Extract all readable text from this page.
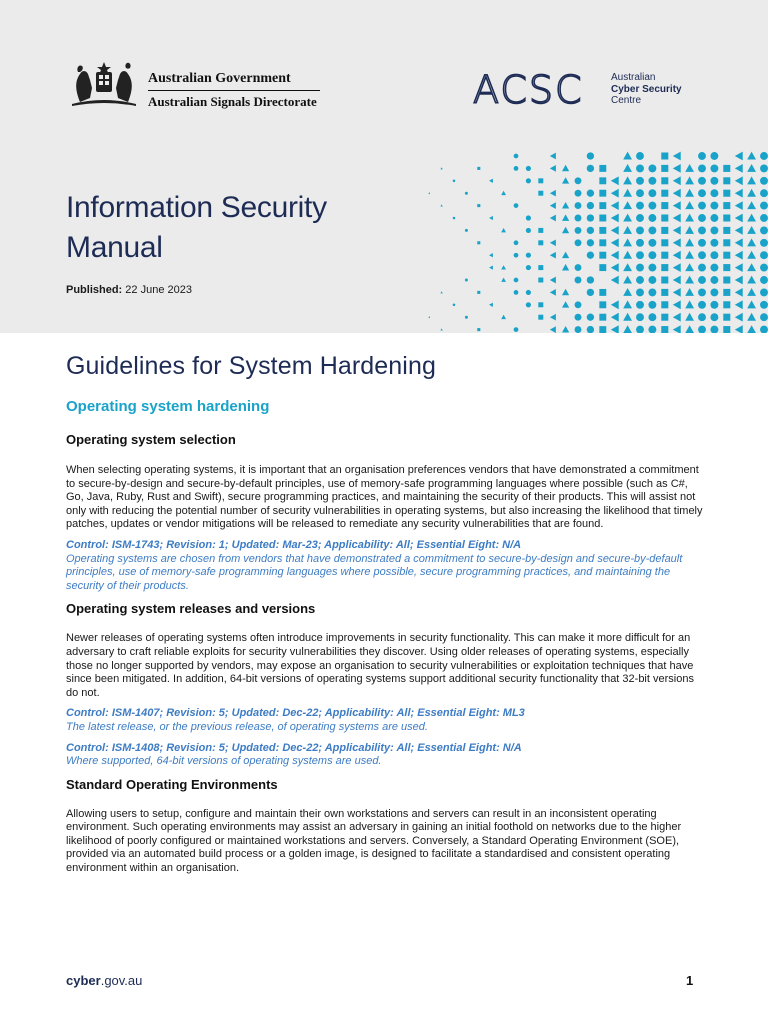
Australian Government
Australian Signals Directorate	ACSC	Australian
Cyber Security
Centre
Information Security
Manual
Published: 22 June 2023
Guidelines for System Hardening
Operating system hardening
Operating system selection

When selecting operating systems, it is important that an organisation preferences vendors that have demonstrated a commitment to secure-by-design and secure-by-default principles, use of memory-safe programming languages where possible (such as C#, Go, Java, Ruby, Rust and Swift), secure programming practices, and maintaining the security of their products. This will assist not only with reducing the potential number of security vulnerabilities in operating systems, but also increasing the likelihood that timely patches, updates or vendor mitigations will be released to remediate any security vulnerabilities that are found.

Control: ISM-1743; Revision: 1; Updated: Mar-23; Applicability: All; Essential Eight: N/A
Operating systems are chosen from vendors that have demonstrated a commitment to secure-by-design and secure-by-default principles, use of memory-safe programming languages where possible, secure programming practices, and maintaining the security of their products.
Operating system releases and versions

Newer releases of operating systems often introduce improvements in security functionality. This can make it more difficult for an adversary to craft reliable exploits for security vulnerabilities they discover. Using older releases of operating systems, especially those no longer supported by vendors, may expose an organisation to security vulnerabilities or exploitation techniques that have since been mitigated. In addition, 64-bit versions of operating systems support additional security functionality that 32-bit versions do not.

Control: ISM-1407; Revision: 5; Updated: Dec-22; Applicability: All; Essential Eight: ML3
The latest release, or the previous release, of operating systems are used.
Control: ISM-1408; Revision: 5; Updated: Dec-22; Applicability: All; Essential Eight: N/A
Where supported, 64-bit versions of operating systems are used.
Standard Operating Environments

Allowing users to setup, configure and maintain their own workstations and servers can result in an inconsistent operating environment. Such operating environments may assist an adversary in gaining an initial foothold on networks due to the higher likelihood of poorly configured or maintained workstations and servers. Conversely, a Standard Operating Environment (SOE), provided via an automated build process or a golden image, is designed to facilitate a standardised and consistent operating environment within an organisation.

cyber.gov.au	1
